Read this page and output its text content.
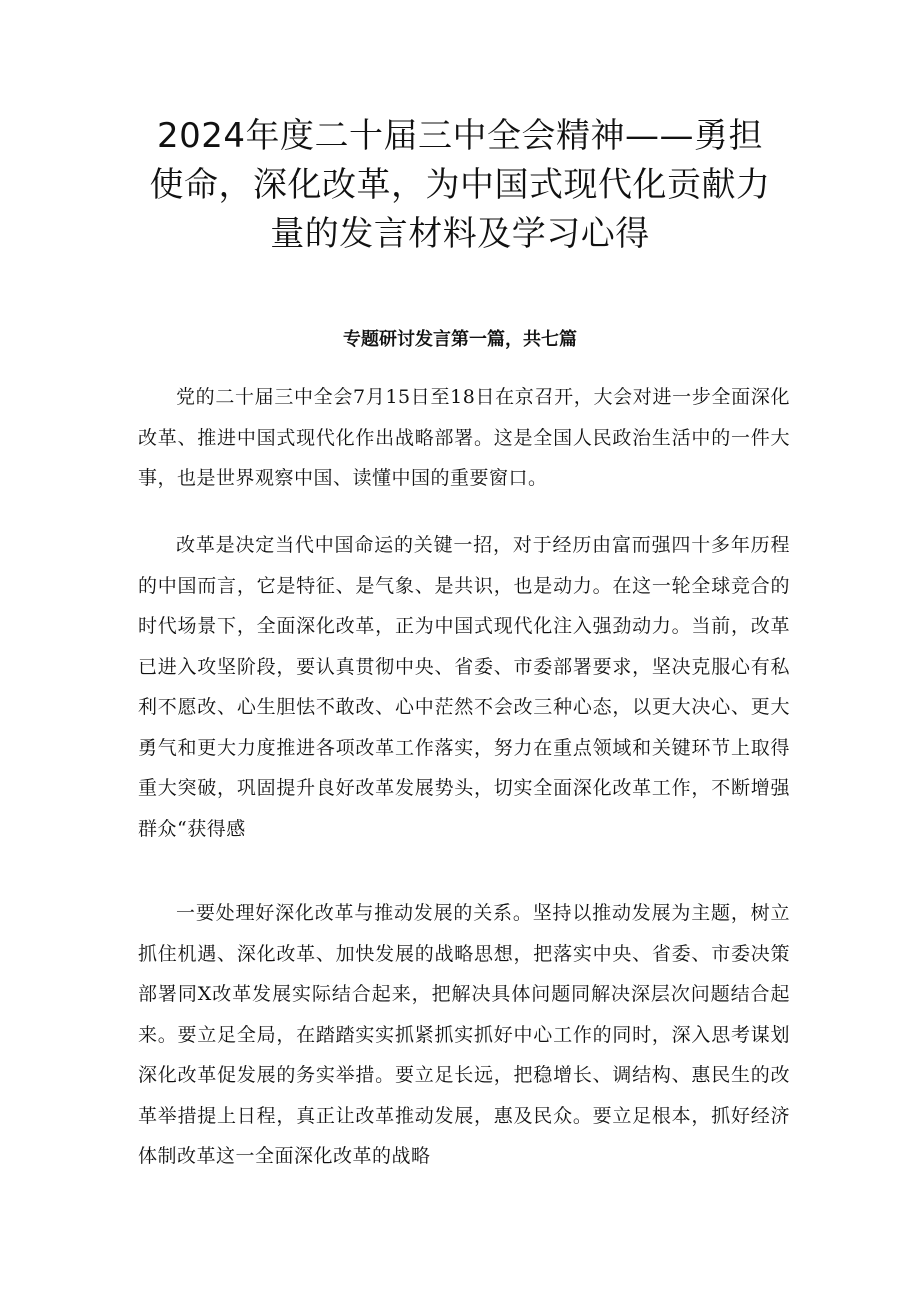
2024年度二十届三中全会精神——勇担使命，深化改革，为中国式现代化贡献力量的发言材料及学习心得

专题研讨发言第一篇，共七篇

党的二十届三中全会7月15日至18日在京召开，大会对进一步全面深化改革、推进中国式现代化作出战略部署。这是全国人民政治生活中的一件大事，也是世界观察中国、读懂中国的重要窗口。

改革是决定当代中国命运的关键一招，对于经历由富而强四十多年历程的中国而言，它是特征、是气象、是共识，也是动力。在这一轮全球竞合的时代场景下，全面深化改革，正为中国式现代化注入强劲动力。当前，改革已进入攻坚阶段，要认真贯彻中央、省委、市委部署要求，坚决克服心有私利不愿改、心生胆怯不敢改、心中茫然不会改三种心态，以更大决心、更大勇气和更大力度推进各项改革工作落实，努力在重点领域和关键环节上取得重大突破，巩固提升良好改革发展势头，切实全面深化改革工作，不断增强群众“获得感

一要处理好深化改革与推动发展的关系。坚持以推动发展为主题，树立抓住机遇、深化改革、加快发展的战略思想，把落实中央、省委、市委决策部署同X改革发展实际结合起来，把解决具体问题同解决深层次问题结合起来。要立足全局，在踏踏实实抓紧抓实抓好中心工作的同时，深入思考谋划深化改革促发展的务实举措。要立足长远，把稳增长、调结构、惠民生的改革举措提上日程，真正让改革推动发展，惠及民众。要立足根本，抓好经济体制改革这一全面深化改革的战略
